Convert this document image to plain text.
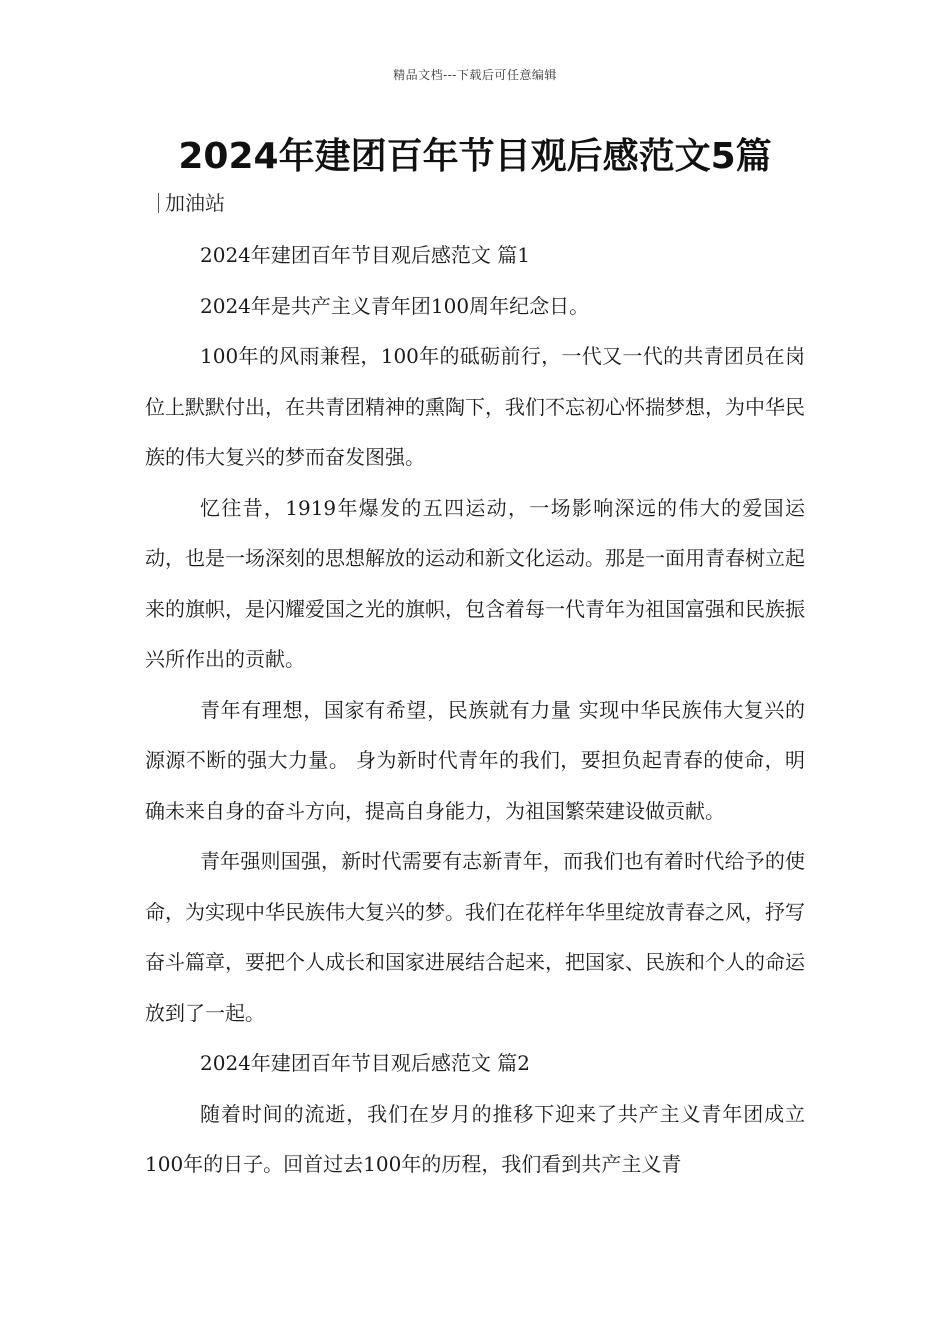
精品文档---下载后可任意编辑
2024年建团百年节目观后感范文5篇
加油站

2024年建团百年节目观后感范文 篇1

2024年是共产主义青年团100周年纪念日。

100年的风雨兼程，100年的砥砺前行，一代又一代的共青团员在岗位上默默付出，在共青团精神的熏陶下，我们不忘初心怀揣梦想，为中华民族的伟大复兴的梦而奋发图强。

忆往昔，1919年爆发的五四运动，一场影响深远的伟大的爱国运动，也是一场深刻的思想解放的运动和新文化运动。那是一面用青春树立起来的旗帜，是闪耀爱国之光的旗帜，包含着每一代青年为祖国富强和民族振兴所作出的贡献。

青年有理想，国家有希望，民族就有力量 实现中华民族伟大复兴的源源不断的强大力量。 身为新时代青年的我们，要担负起青春的使命，明确未来自身的奋斗方向，提高自身能力，为祖国繁荣建设做贡献。

青年强则国强，新时代需要有志新青年，而我们也有着时代给予的使命，为实现中华民族伟大复兴的梦。我们在花样年华里绽放青春之风，抒写奋斗篇章，要把个人成长和国家进展结合起来，把国家、民族和个人的命运放到了一起。

2024年建团百年节目观后感范文 篇2

随着时间的流逝，我们在岁月的推移下迎来了共产主义青年团成立100年的日子。回首过去100年的历程，我们看到共产主义青
